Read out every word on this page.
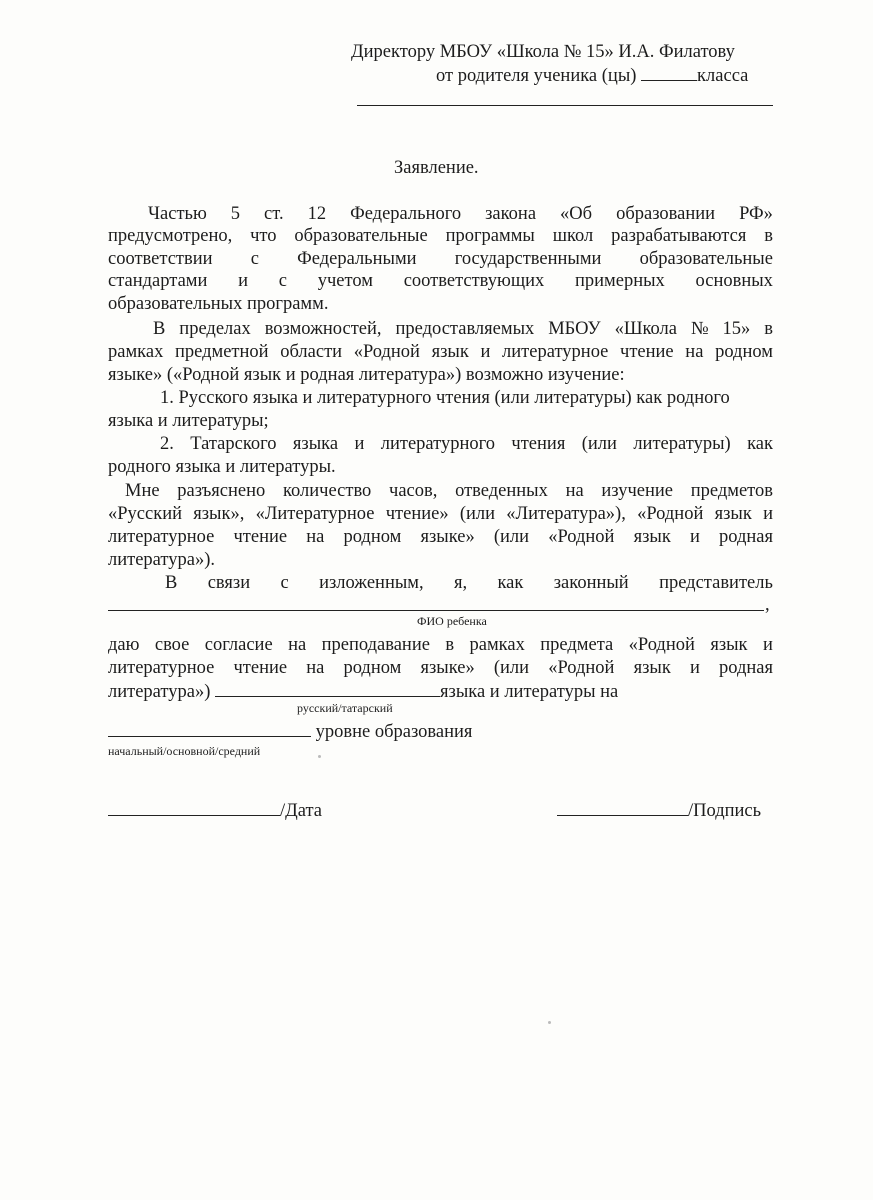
Директору МБОУ «Школа № 15» И.А. Филатову
от родителя ученика (цы)	класса
Заявление.
Частью 5 ст. 12 Федерального закона «Об образовании РФ»
предусмотрено, что образовательные программы школ разрабатываются в
соответствии с Федеральными государственными образовательные
стандартами и с учетом соответствующих примерных основных
образовательных программ.
В пределах возможностей, предоставляемых МБОУ «Школа № 15» в
рамках предметной области «Родной язык и литературное чтение на родном
языке» («Родной язык и родная литература») возможно изучение:
1. Русского языка и литературного чтения (или литературы) как родного
языка и литературы;
2. Татарского языка и литературного чтения (или литературы) как
родного языка и литературы.
Мне разъяснено количество часов, отведенных на изучение предметов
«Русский язык», «Литературное чтение» (или «Литература»), «Родной язык и
литературное чтение на родном языке» (или «Родной язык и родная
литература»).
В связи с изложенным, я, как законный представитель
,
ФИО ребенка
даю свое согласие на преподавание в рамках предмета «Родной язык и
литературное чтение на родном языке» (или «Родной язык и родная
литература»)	языка и литературы на
русский/татарский
уровне образования
начальный/основной/средний
/Дата	/Подпись
